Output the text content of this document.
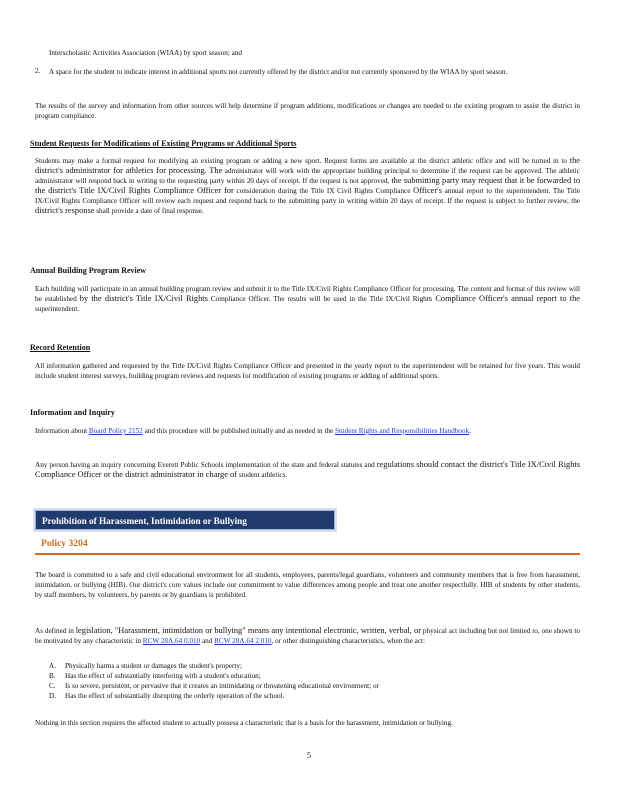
Interscholastic Activities Association (WIAA) by sport season; and

2. A space for the student to indicate interest in additional sports not currently offered by the district and/or not currently sponsored by the WIAA by sport season.

The results of the survey and information from other sources will help determine if program additions, modifications or changes are needed to the existing program to assist the district in program compliance.

Student Requests for Modifications of Existing Programs or Additional Sports

Students may make a formal request for modifying an existing program or adding a new sport. Request forms are available at the district athletic office and will be turned in to the district's administrator for athletics for processing. The administrator will work with the appropriate building principal to determine if the request can be approved. The athletic administrator will respond back in writing to the requesting party within 20 days of receipt. If the request is not approved, the submitting party may request that it be forwarded to the district's Title IX/Civil Rights Compliance Officer for consideration during the Title IX Civil Rights Compliance Officer's annual report to the superintendent. The Title IX/Civil Rights Compliance Officer will review each request and respond back to the submitting party in writing within 20 days of receipt. If the request is subject to further review, the district's response shall provide a date of final response.

Annual Building Program Review

Each building will participate in an annual building program review and submit it to the Title IX/Civil Rights Compliance Officer for processing. The content and format of this review will be established by the district's Title IX/Civil Rights Compliance Officer. The results will be used in the Title IX/Civil Rights Compliance Officer's annual report to the superintendent.

Record Retention

All information gathered and requested by the Title IX/Civil Rights Compliance Officer and presented in the yearly report to the superintendent will be retained for five years. This would include student interest surveys, building program reviews and requests for modification of existing programs or adding of additional sports.

Information and Inquiry

Information about Board Policy 2152 and this procedure will be published initially and as needed in the Student Rights and Responsibilities Handbook.

Any person having an inquiry concerning Everett Public Schools implementation of the state and federal statutes and regulations should contact the district's Title IX/Civil Rights Compliance Officer or the district administrator in charge of student athletics.

Prohibition of Harassment, Intimidation or Bullying
Policy 3204

The board is committed to a safe and civil educational environment for all students, employees, parents/legal guardians, volunteers and community members that is free from harassment, intimidation, or bullying (HIB). Our district's core values include our commitment to value differences among people and treat one another respectfully. HIB of students by other students, by staff members, by volunteers, by parents or by guardians is prohibited.

As defined in legislation, "Harassment, intimidation or bullying" means any intentional electronic, written, verbal, or physical act including but not limited to, one shown to be motivated by any characteristic in RCW 28A.64 0.010 and RCW 28A.64 2.010, or other distinguishing characteristics, when the act:

A.	Physically harms a student or damages the student's property;
B.	Has the effect of substantially interfering with a student's education;
C.	Is so severe, persistent, or pervasive that it creates an intimidating or threatening educational environment; or
D.	Has the effect of substantially disrupting the orderly operation of the school.

Nothing in this section requires the affected student to actually possess a characteristic that is a basis for the harassment, intimidation or bullying.

5
